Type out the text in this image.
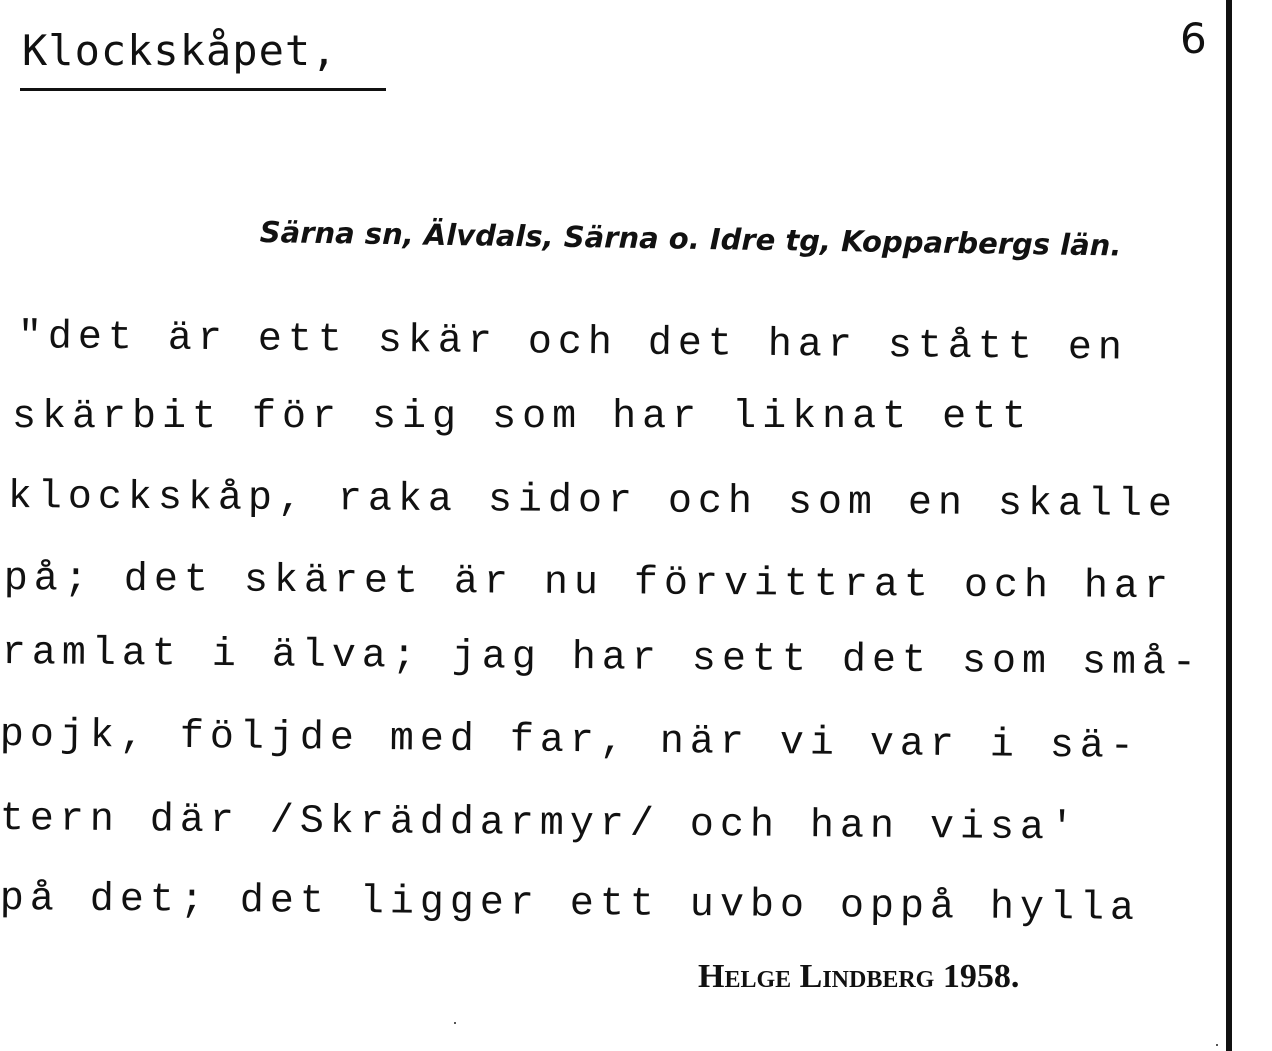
Klockskåpet,	6
Särna sn, Älvdals, Särna o. Idre tg, Kopparbergs län.
"det är ett skär och det har stått en
skärbit för sig som har liknat ett
klockskåp, raka sidor och som en skalle
på; det skäret är nu förvittrat och har
ramlat i älva; jag har sett det som små-
pojk, följde med far, när vi var i sä-
tern där /Skräddarmyr/ och han visa'
på det; det ligger ett uvbo oppå hylla
Helge Lindberg 1958.
